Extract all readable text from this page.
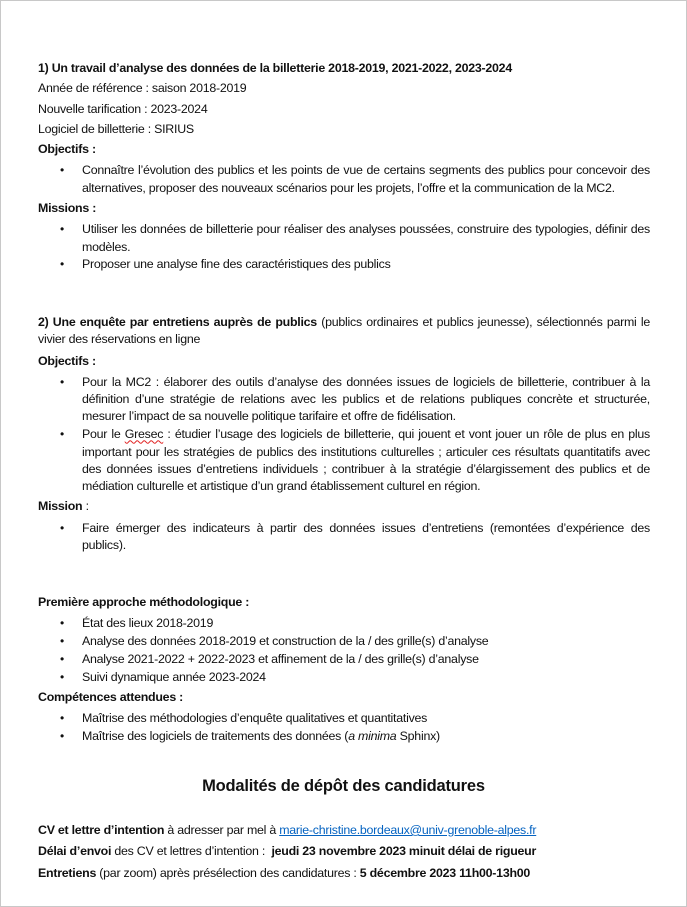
1) Un travail d’analyse des données de la billetterie 2018-2019, 2021-2022, 2023-2024
Année de référence : saison 2018-2019
Nouvelle tarification : 2023-2024
Logiciel de billetterie : SIRIUS
Objectifs :
• Connaître l’évolution des publics et les points de vue de certains segments des publics pour concevoir des alternatives, proposer des nouveaux scénarios pour les projets, l’offre et la communication de la MC2.
Missions :
• Utiliser les données de billetterie pour réaliser des analyses poussées, construire des typologies, définir des modèles.
• Proposer une analyse fine des caractéristiques des publics
2) Une enquête par entretiens auprès de publics (publics ordinaires et publics jeunesse), sélectionnés parmi le vivier des réservations en ligne
Objectifs :
• Pour la MC2 : élaborer des outils d’analyse des données issues de logiciels de billetterie, contribuer à la définition d’une stratégie de relations avec les publics et de relations publiques concrète et structurée, mesurer l’impact de sa nouvelle politique tarifaire et offre de fidélisation.
• Pour le Gresec : étudier l’usage des logiciels de billetterie, qui jouent et vont jouer un rôle de plus en plus important pour les stratégies de publics des institutions culturelles ; articuler ces résultats quantitatifs avec des données issues d’entretiens individuels ; contribuer à la stratégie d’élargissement des publics et de médiation culturelle et artistique d’un grand établissement culturel en région.
Mission :
• Faire émerger des indicateurs à partir des données issues d’entretiens (remontées d’expérience des publics).
Première approche méthodologique :
• État des lieux 2018-2019
• Analyse des données 2018-2019 et construction de la / des grille(s) d’analyse
• Analyse 2021-2022 + 2022-2023 et affinement de la / des grille(s) d’analyse
• Suivi dynamique année 2023-2024
Compétences attendues :
• Maîtrise des méthodologies d’enquête qualitatives et quantitatives
• Maîtrise des logiciels de traitements des données (a minima Sphinx)
Modalités de dépôt des candidatures
CV et lettre d’intention à adresser par mel à marie-christine.bordeaux@univ-grenoble-alpes.fr
Délai d’envoi des CV et lettres d’intention :  jeudi 23 novembre 2023 minuit délai de rigueur
Entretiens (par zoom) après présélection des candidatures : 5 décembre 2023 11h00-13h00
